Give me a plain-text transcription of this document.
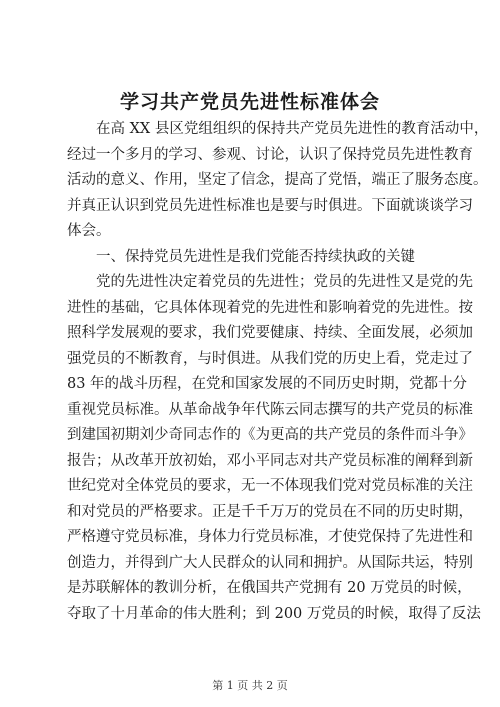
学习共产党员先进性标准体会
在高 XX 县区党组组织的保持共产党员先进性的教育活动中，
经过一个多月的学习、参观、讨论，认识了保持党员先进性教育
活动的意义、作用，坚定了信念，提高了党悟，端正了服务态度。
并真正认识到党员先进性标准也是要与时俱进。下面就谈谈学习
体会。
一、保持党员先进性是我们党能否持续执政的关键
党的先进性决定着党员的先进性；党员的先进性又是党的先
进性的基础，它具体体现着党的先进性和影响着党的先进性。按
照科学发展观的要求，我们党要健康、持续、全面发展，必须加
强党员的不断教育，与时俱进。从我们党的历史上看，党走过了
83 年的战斗历程，在党和国家发展的不同历史时期，党都十分
重视党员标准。从革命战争年代陈云同志撰写的共产党员的标准
到建国初期刘少奇同志作的《为更高的共产党员的条件而斗争》
报告；从改革开放初始，邓小平同志对共产党员标准的阐释到新
世纪党对全体党员的要求，无一不体现我们党对党员标准的关注
和对党员的严格要求。正是千千万万的党员在不同的历史时期，
严格遵守党员标准，身体力行党员标准，才使党保持了先进性和
创造力，并得到广大人民群众的认同和拥护。从国际共运，特别
是苏联解体的教训分析，在俄国共产党拥有 20 万党员的时候，
夺取了十月革命的伟大胜利；到 200 万党员的时候，取得了反法
第 1 页 共 2 页
